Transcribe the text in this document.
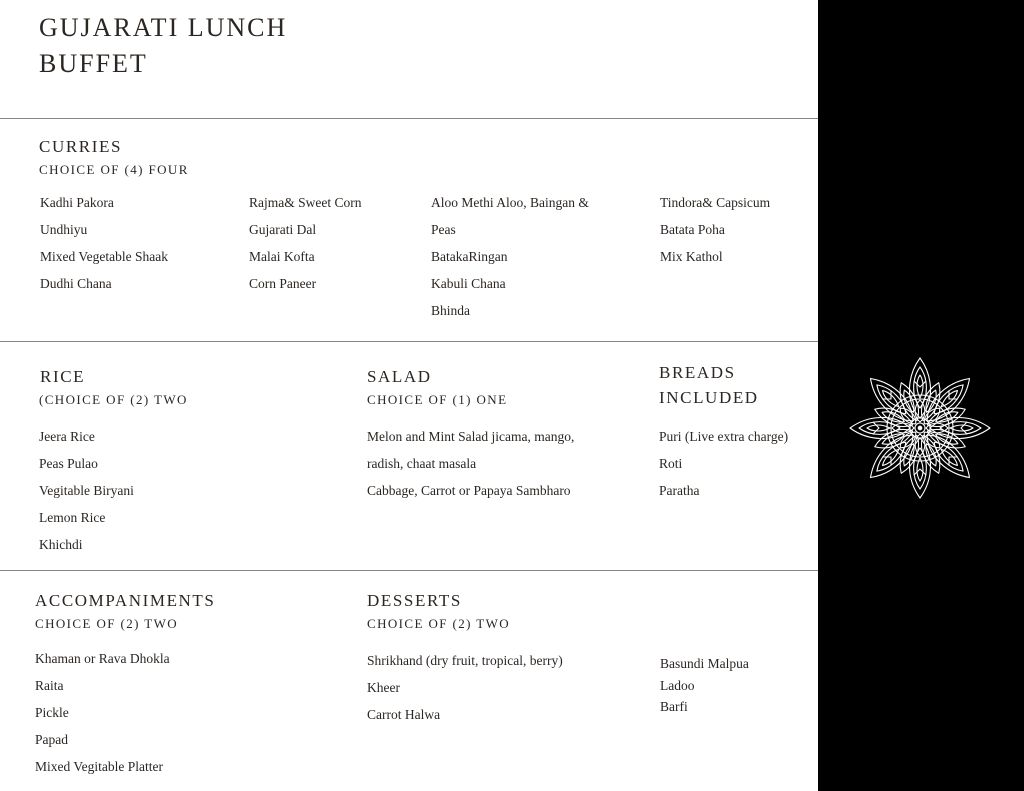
GUJARATI LUNCH
BUFFET
CURRIES

CHOICE OF (4) FOUR

Kadhi Pakora
Undhiyu
Mixed Vegetable Shaak
Dudhi Chana
Rajma& Sweet Corn
Gujarati Dal
Malai Kofta
Corn Paneer
Aloo Methi Aloo, Baingan &
Peas
BatakaRingan
Kabuli Chana
Bhinda
Tindora& Capsicum
Batata Poha
Mix Kathol
RICE

(CHOICE OF (2) TWO

Jeera Rice
Peas Pulao
Vegitable Biryani
Lemon Rice
Khichdi
SALAD

CHOICE OF (1) ONE

Melon and Mint Salad jicama, mango,
radish, chaat masala
Cabbage, Carrot or Papaya Sambharo
BREADS
INCLUDED
Puri (Live extra charge)
Roti
Paratha
ACCOMPANIMENTS

CHOICE OF (2) TWO

Khaman or Rava Dhokla
Raita
Pickle
Papad
Mixed Vegitable Platter
DESSERTS

CHOICE OF (2) TWO

Shrikhand (dry fruit, tropical, berry)
Kheer
Carrot Halwa
Basundi Malpua
Ladoo
Barfi
